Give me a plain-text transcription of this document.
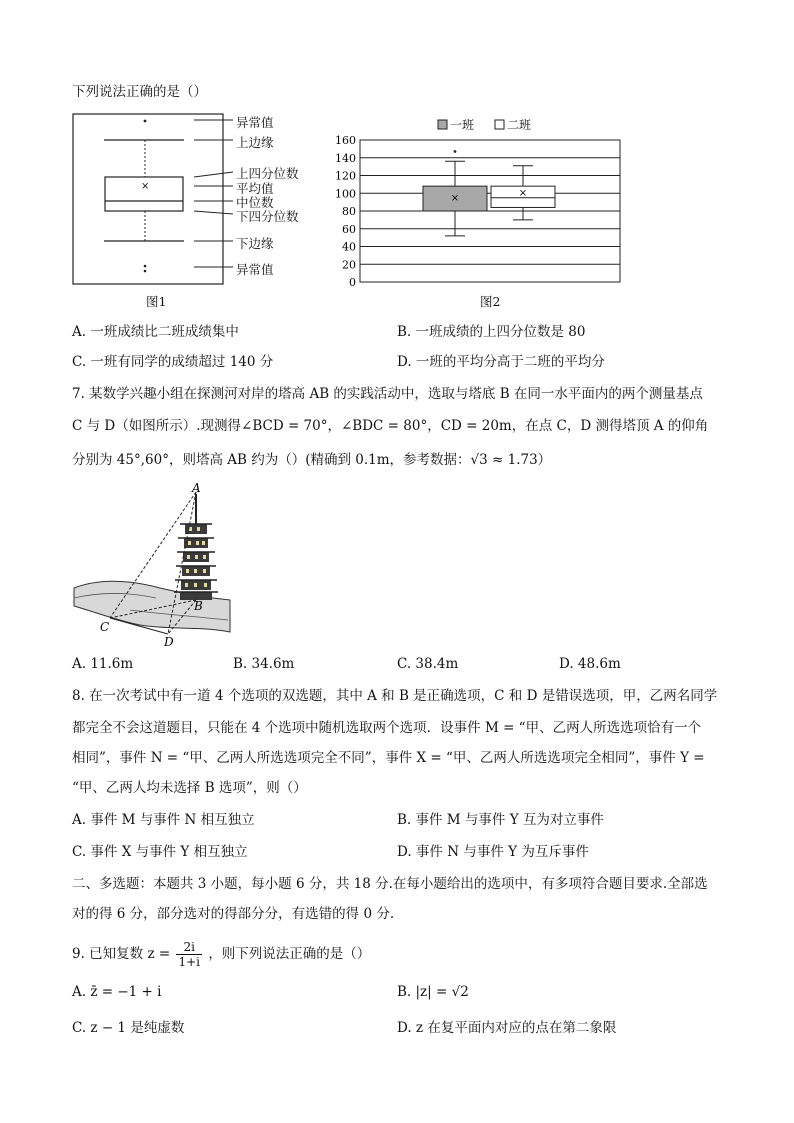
下列说法正确的是（）
×
异常值
上边缘
上四分位数
平均值
中位数
下四分位数
下边缘
异常值
图1
一班	二班
0
20
40
60
80
100
120
140
160
×	×
图2
A. 一班成绩比二班成绩集中	B. 一班成绩的上四分位数是 80
C. 一班有同学的成绩超过 140 分	D. 一班的平均分高于二班的平均分
7. 某数学兴趣小组在探测河对岸的塔高 AB 的实践活动中，选取与塔底 B 在同一水平面内的两个测量基点
C 与 D（如图所示）.现测得∠BCD = 70°，∠BDC = 80°，CD = 20m，在点 C，D 测得塔顶 A 的仰角
分别为 45°,60°，则塔高 AB 约为（）(精确到 0.1m，参考数据：√3 ≈ 1.73）
A
B
C
D
A. 11.6m	B. 34.6m	C. 38.4m	D. 48.6m
8. 在一次考试中有一道 4 个选项的双选题，其中 A 和 B 是正确选项，C 和 D 是错误选项，甲，乙两名同学
都完全不会这道题目，只能在 4 个选项中随机选取两个选项．设事件 M = “甲、乙两人所选选项恰有一个
相同”，事件 N = “甲、乙两人所选选项完全不同”，事件 X = “甲、乙两人所选选项完全相同”，事件 Y =
“甲、乙两人均未选择 B 选项”，则（）
A. 事件 M 与事件 N 相互独立	B. 事件 M 与事件 Y 互为对立事件
C. 事件 X 与事件 Y 相互独立	D. 事件 N 与事件 Y 为互斥事件
二、多选题：本题共 3 小题，每小题 6 分，共 18 分.在每小题给出的选项中，有多项符合题目要求.全部选
对的得 6 分，部分选对的得部分分，有选错的得 0 分.
9. 已知复数 $z = \frac{2i}{1+i}$ ，则下列说法正确的是（）
A. z̄ = −1 + i	B. |z| = √2
C. z − 1 是纯虚数	D. z 在复平面内对应的点在第二象限
